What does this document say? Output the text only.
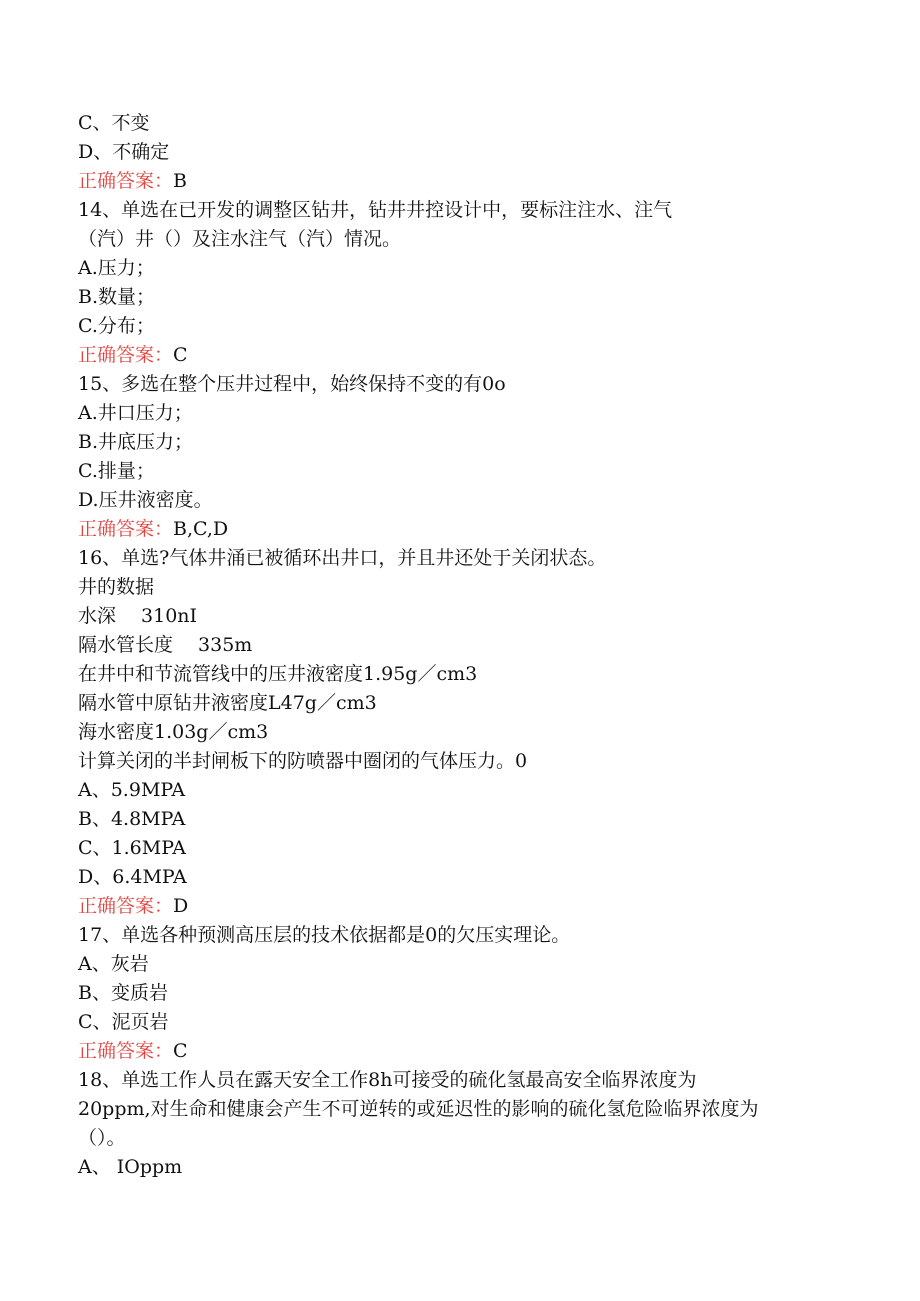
C、不变
D、不确定
正确答案：B
14、单选在已开发的调整区钻井，钻井井控设计中，要标注注水、注气
（汽）井（）及注水注气（汽）情况。
A.压力；
B.数量；
C.分布；
正确答案：C
15、多选在整个压井过程中，始终保持不变的有0o
A.井口压力；
B.井底压力；
C.排量；
D.压井液密度。
正确答案：B,C,D
16、单选?气体井涌已被循环出井口，并且井还处于关闭状态。
井的数据
水深　 310nI
隔水管长度　 335m
在井中和节流管线中的压井液密度1.95g／cm3
隔水管中原钻井液密度L47g／cm3
海水密度1.03g／cm3
计算关闭的半封闸板下的防喷器中圈闭的气体压力。0
A、5.9MPA
B、4.8MPA
C、1.6MPA
D、6.4MPA
正确答案：D
17、单选各种预测高压层的技术依据都是0的欠压实理论。
A、灰岩
B、变质岩
C、泥页岩
正确答案：C
18、单选工作人员在露天安全工作8h可接受的硫化氢最高安全临界浓度为
20ppm,对生命和健康会产生不可逆转的或延迟性的影响的硫化氢危险临界浓度为
（）。
A、 IOppm
